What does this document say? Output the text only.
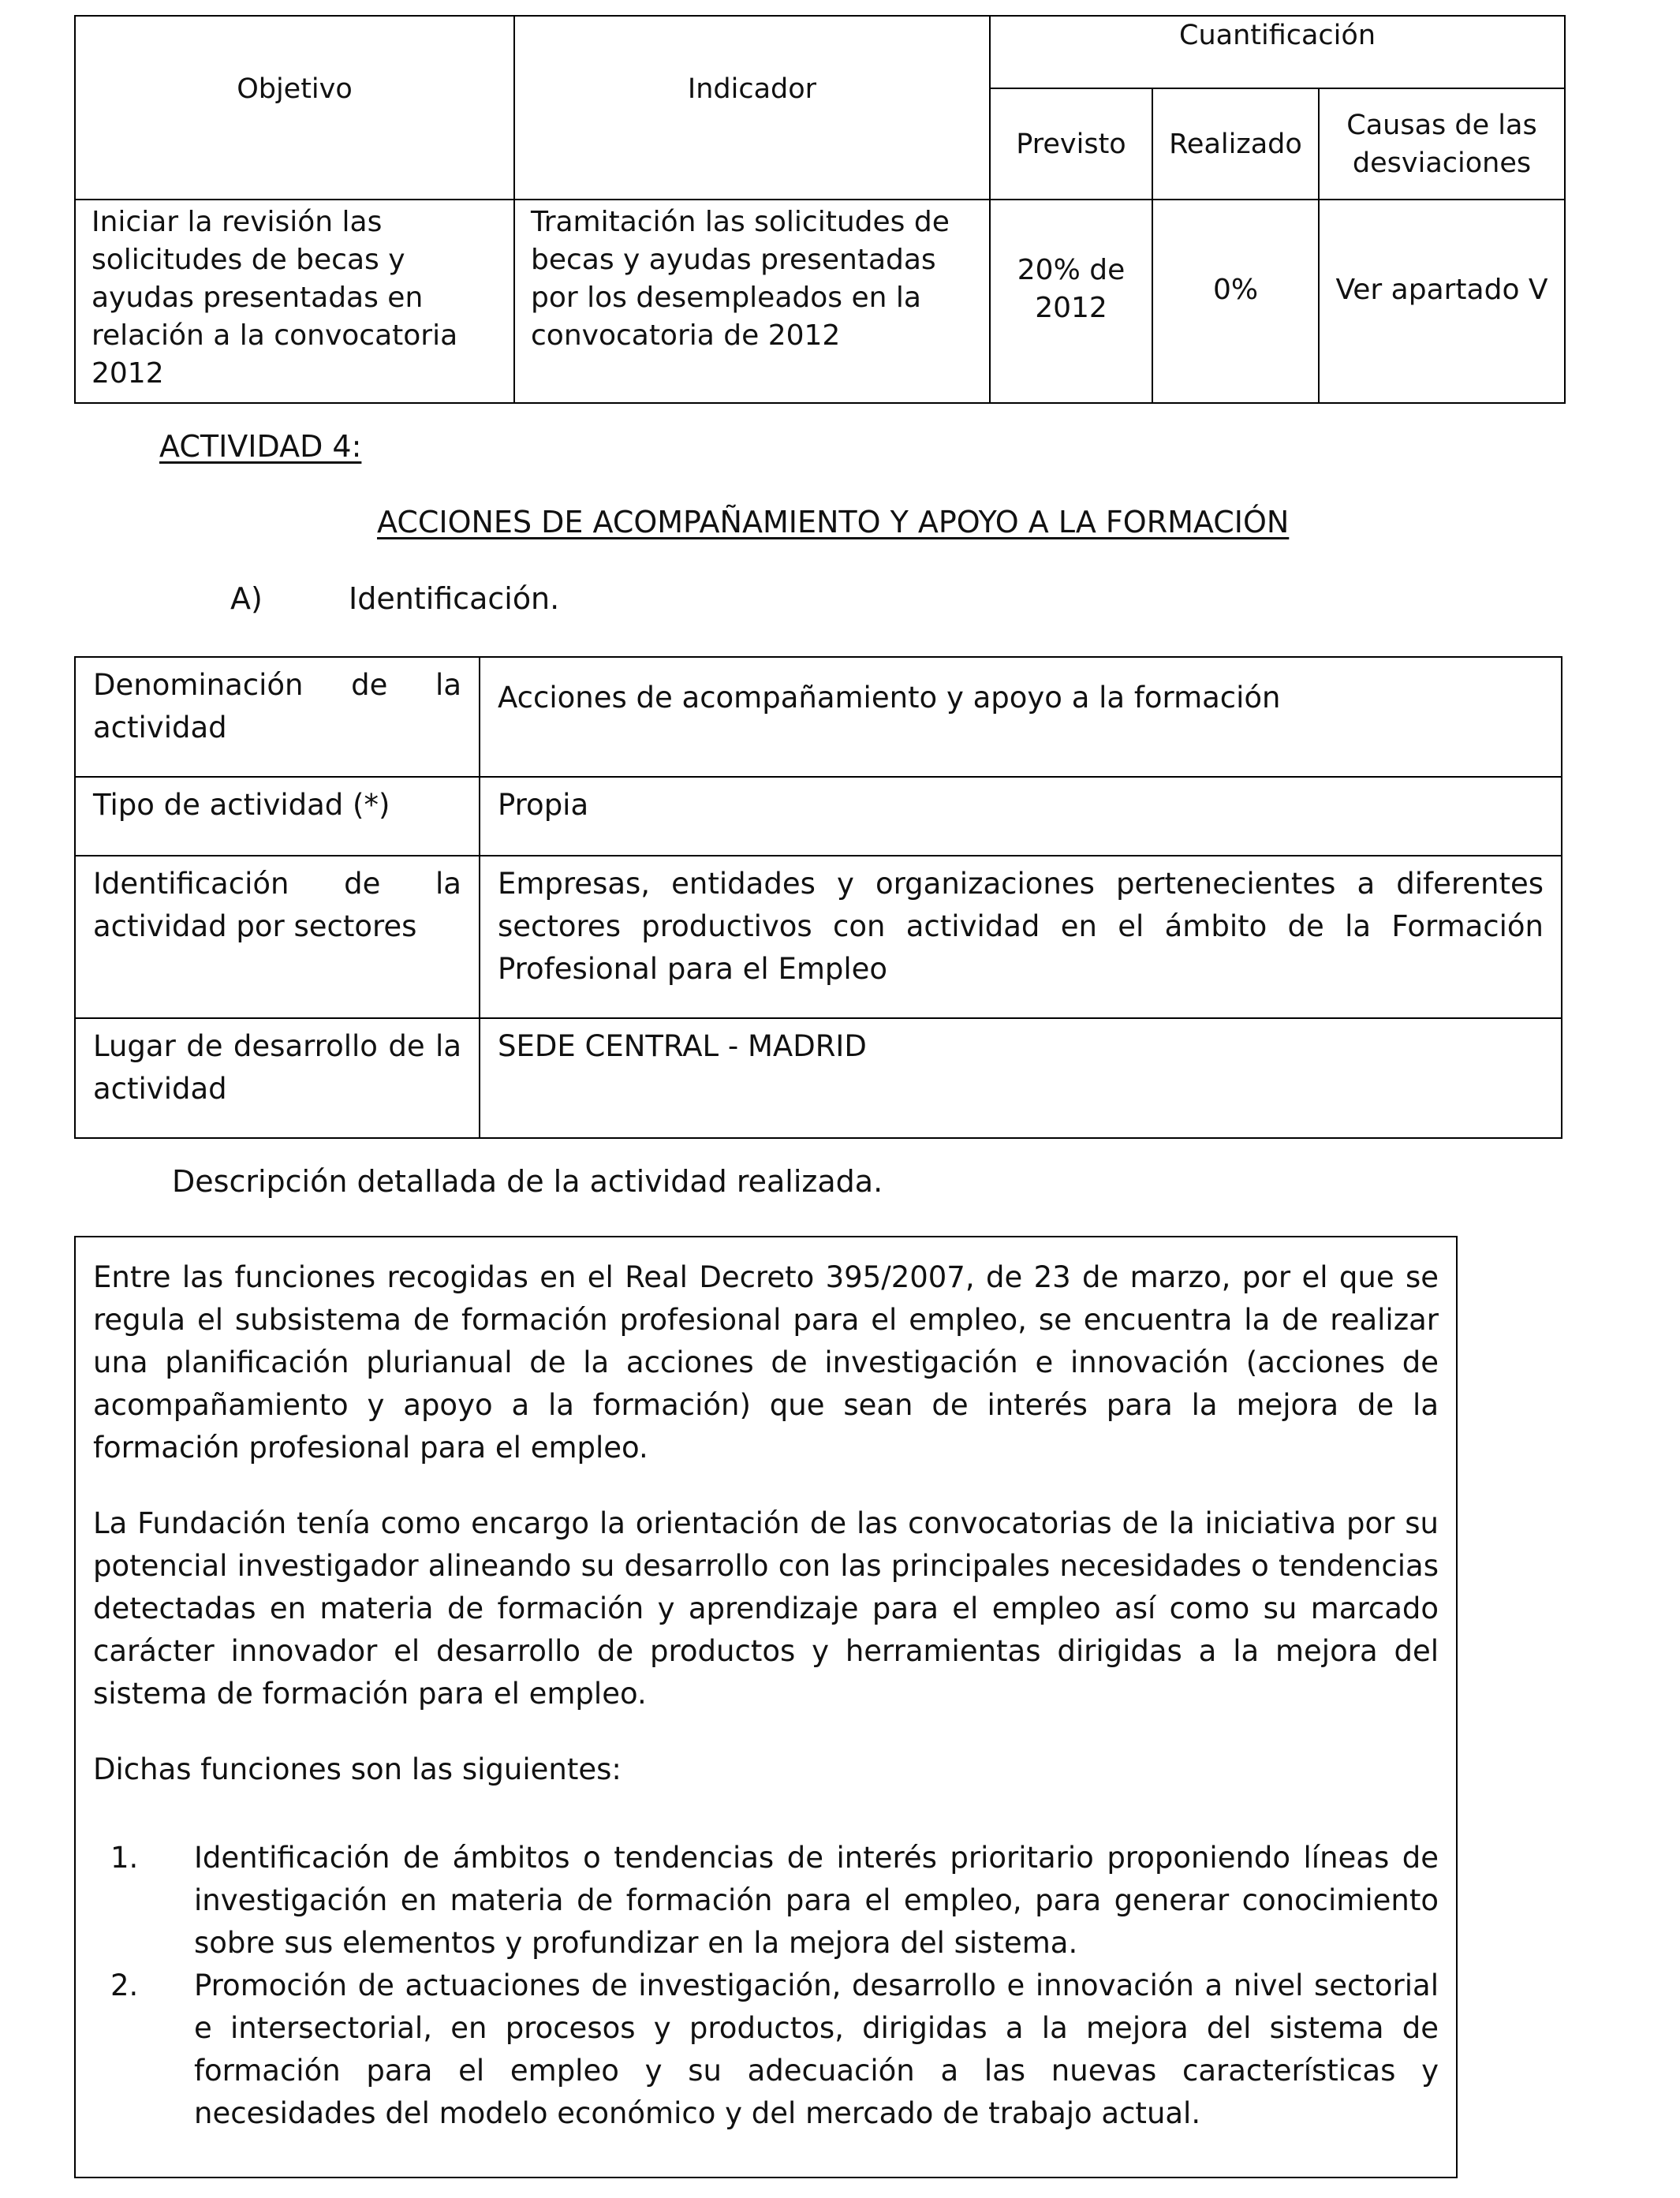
Objetivo	Indicador	Cuantificación		
		Previsto	Realizado	Causas de las desviaciones
Iniciar la revisión las solicitudes de becas y ayudas presentadas en relación a la convocatoria 2012	Tramitación las solicitudes de becas y ayudas presentadas por los desempleados en la convocatoria de 2012	20% de 2012	0%	Ver apartado V
ACTIVIDAD 4:
ACCIONES DE ACOMPAÑAMIENTO Y APOYO A LA FORMACIÓN
A)	Identificación.
Denominación de la actividad	Acciones de acompañamiento y apoyo a la formación
Tipo de actividad (*)	Propia
Identificación de la actividad por sectores	Empresas, entidades y organizaciones pertenecientes a diferentes sectores productivos con actividad en el ámbito de la Formación Profesional para el Empleo
Lugar de desarrollo de la actividad	SEDE CENTRAL - MADRID
Descripción detallada de la actividad realizada.

Entre las funciones recogidas en el Real Decreto 395/2007, de 23 de marzo, por el que se regula el subsistema de formación profesional para el empleo, se encuentra la de realizar una planificación plurianual de la acciones de investigación e innovación (acciones de acompañamiento y apoyo a la formación) que sean de interés para la mejora de la formación profesional para el empleo.

La Fundación tenía como encargo la orientación de las convocatorias de la iniciativa por su potencial investigador alineando su desarrollo con las principales necesidades o tendencias detectadas en materia de formación y aprendizaje para el empleo así como su marcado carácter innovador el desarrollo de productos y herramientas dirigidas a la mejora del sistema de formación para el empleo.

Dichas funciones son las siguientes:

1. Identificación de ámbitos o tendencias de interés prioritario proponiendo líneas de investigación en materia de formación para el empleo, para generar conocimiento sobre sus elementos y profundizar en la mejora del sistema.
2. Promoción de actuaciones de investigación, desarrollo e innovación a nivel sectorial e intersectorial, en procesos y productos, dirigidas a la mejora del sistema de formación para el empleo y su adecuación a las nuevas características y necesidades del modelo económico y del mercado de trabajo actual.
